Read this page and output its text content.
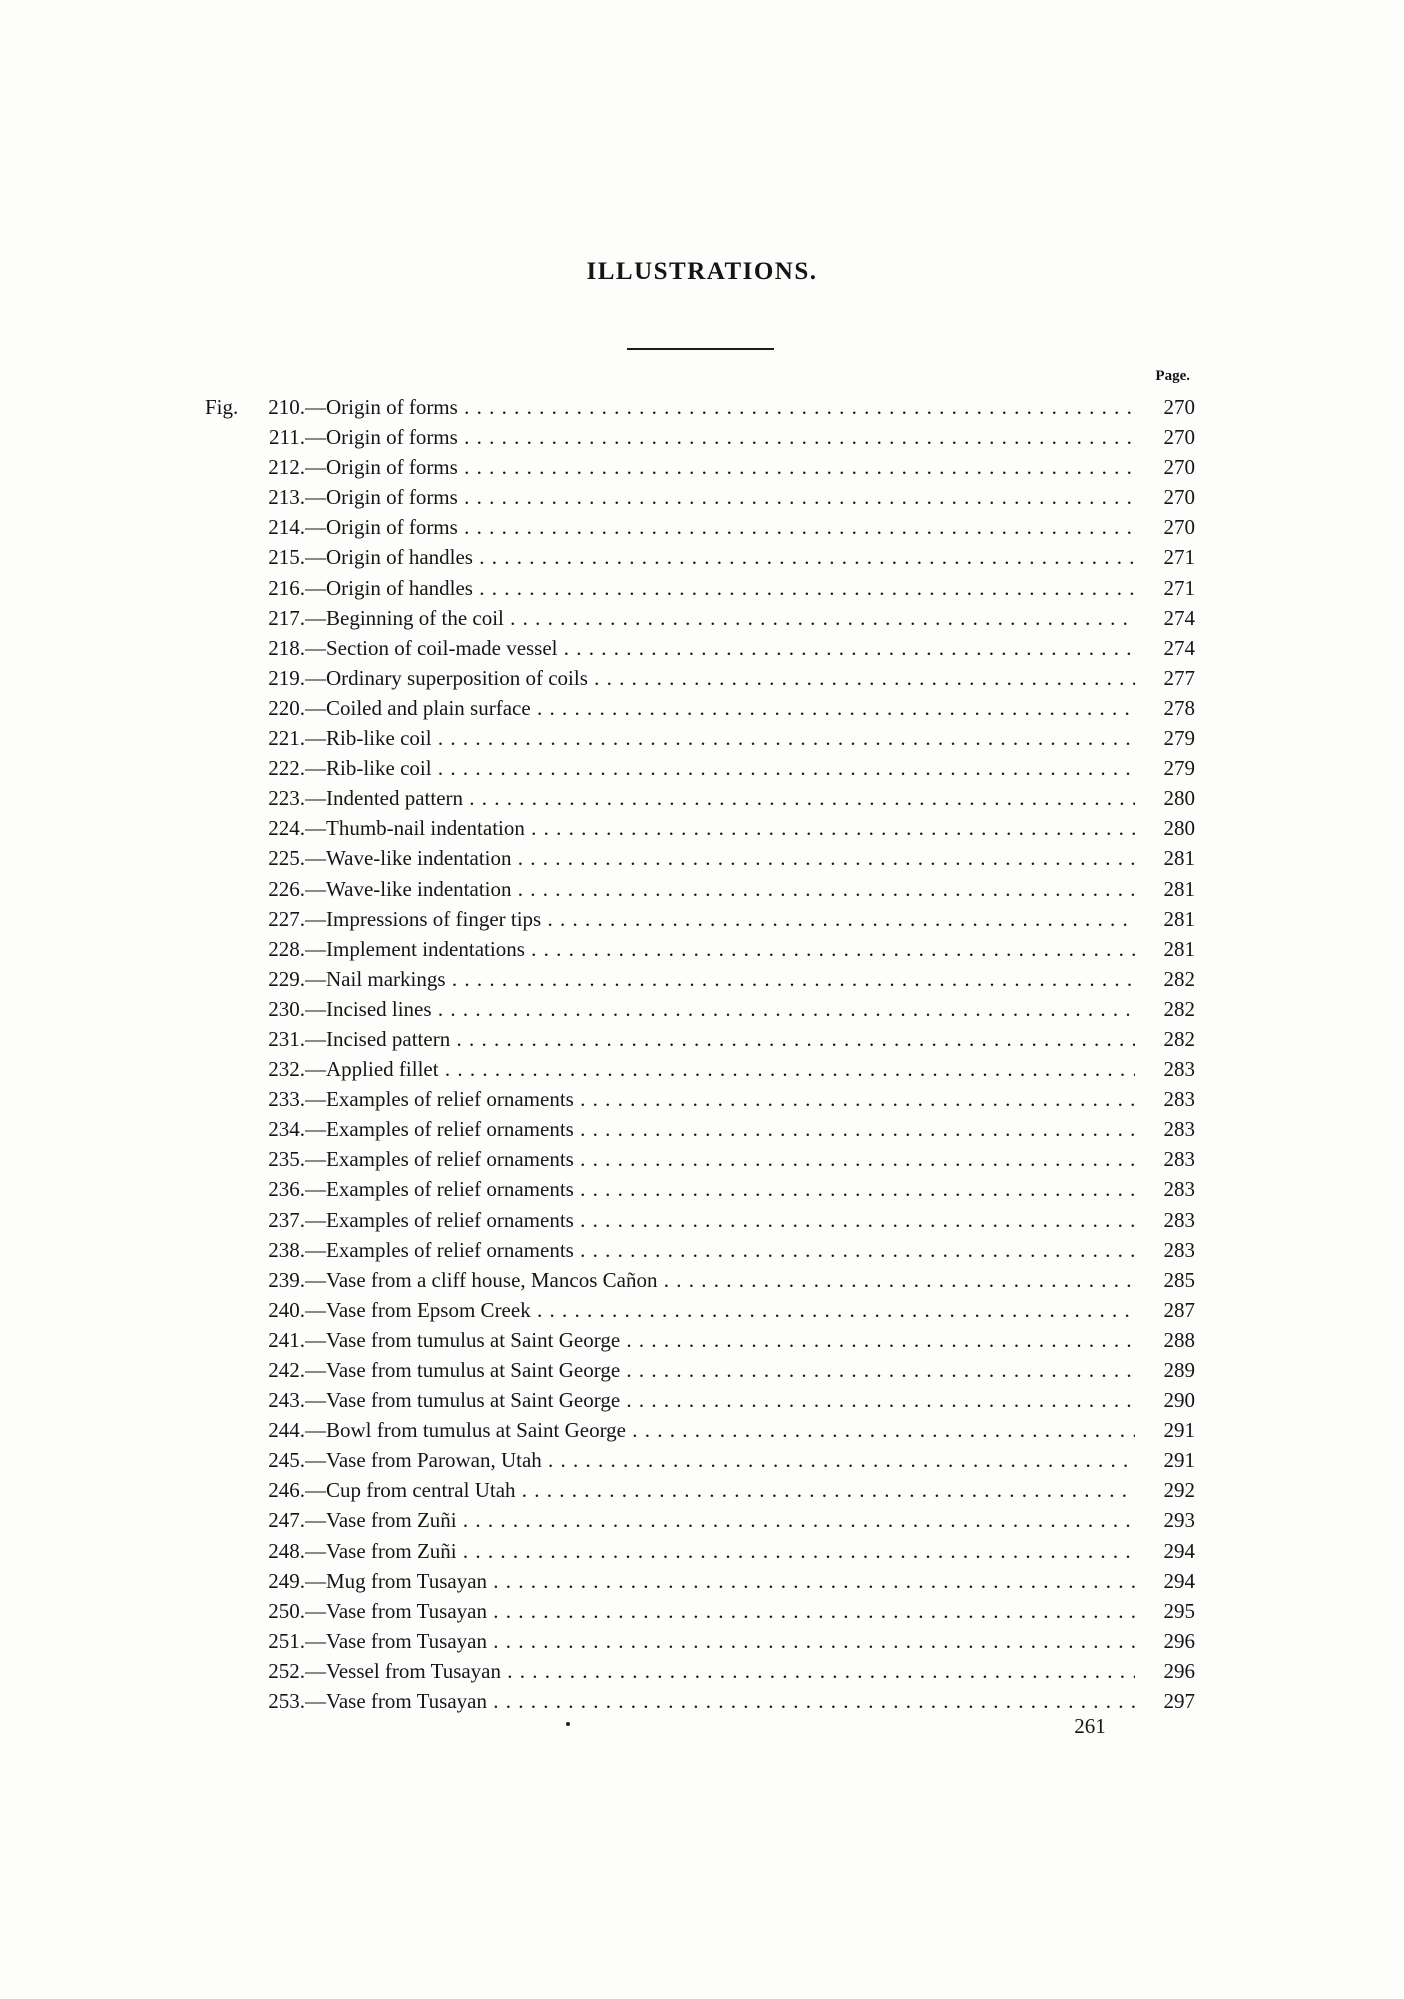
ILLUSTRATIONS.
Page.
Fig.	210. —Origin of forms . . .	270
211. —Origin of forms . . .	270
212. —Origin of forms . . .	270
213. —Origin of forms . . .	270
214. —Origin of forms . . .	270
215. —Origin of handles . . .	271
216. —Origin of handles . . .	271
217. —Beginning of the coil . . .	274
218. —Section of coil-made vessel . . .	274
219. —Ordinary superposition of coils . . .	277
220. —Coiled and plain surface . . .	278
221. —Rib-like coil . . .	279
222. —Rib-like coil . . .	279
223. —Indented pattern . . .	280
224. —Thumb-nail indentation . . .	280
225. —Wave-like indentation . . .	281
226. —Wave-like indentation . . .	281
227. —Impressions of finger tips . . .	281
228. —Implement indentations . . .	281
229. —Nail markings . . .	282
230. —Incised lines . . .	282
231. —Incised pattern . . .	282
232. —Applied fillet . . .	283
233. —Examples of relief ornaments . . .	283
234. —Examples of relief ornaments . . .	283
235. —Examples of relief ornaments . . .	283
236. —Examples of relief ornaments . . .	283
237. —Examples of relief ornaments . . .	283
238. —Examples of relief ornaments . . .	283
239. —Vase from a cliff house, Mancos Cañon . . .	285
240. —Vase from Epsom Creek . . .	287
241. —Vase from tumulus at Saint George . . .	288
242. —Vase from tumulus at Saint George . . .	289
243. —Vase from tumulus at Saint George . . .	290
244. —Bowl from tumulus at Saint George . . .	291
245. —Vase from Parowan, Utah . . .	291
246. —Cup from central Utah . . .	292
247. —Vase from Zuñi . . .	293
248. —Vase from Zuñi . . .	294
249. —Mug from Tusayan . . .	294
250. —Vase from Tusayan . . .	295
251. —Vase from Tusayan . . .	296
252. —Vessel from Tusayan . . .	296
253. —Vase from Tusayan . . .	297
261
